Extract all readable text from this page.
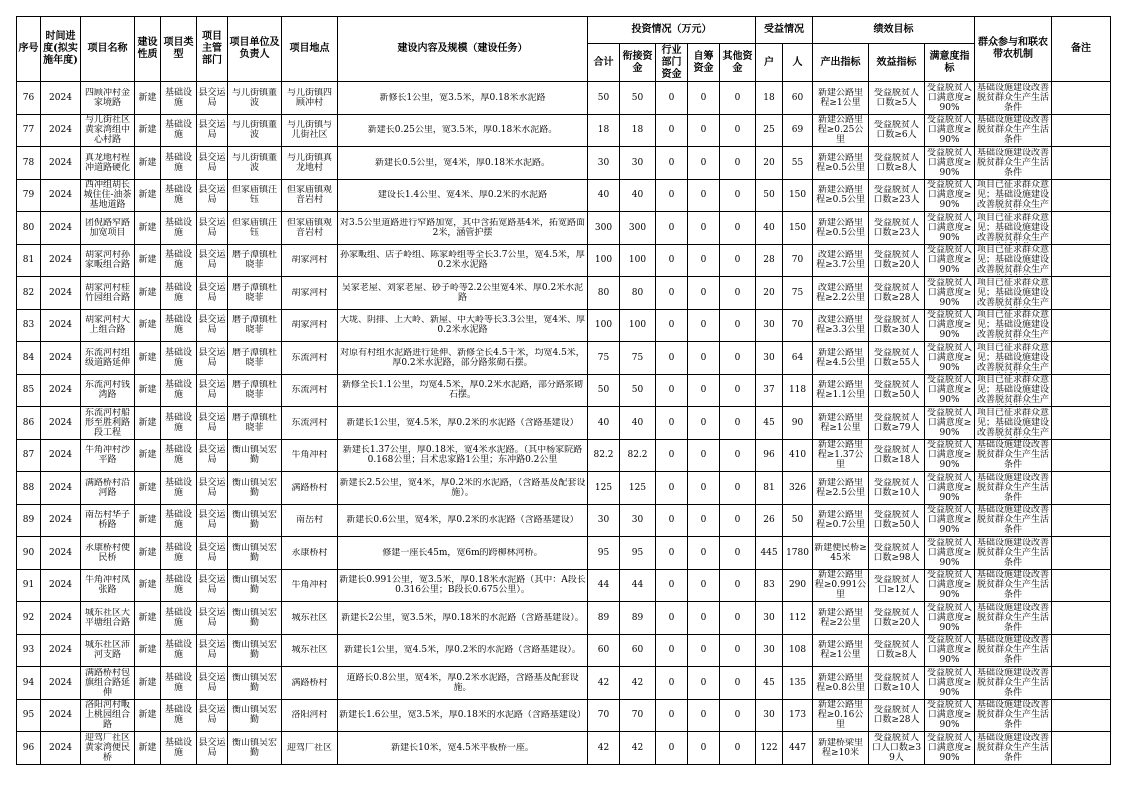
序号	时间进度(拟实施年度)	项目名称	建设性质	项目类型	项目主管部门	项目单位及负责人	项目地点	建设内容及规模（建设任务）	投资情况（万元）					受益情况		绩效目标			群众参与和联农带农机制	备注
									合计	衔接资金	行业部门资金	自筹资金	其他资金	户	人	产出指标	效益指标	满意度指标		
76	2024	四顾冲村金家境路	新建	基础设施	县交运局	与儿街镇董波	与儿街镇四顾冲村	新修长1公里，宽3.5米，厚0.18米水泥路	50	50	0	0	0	18	60	新建公路里程≥1公里	受益脱贫人口数≥5人	受益脱贫人口满意度≥90%	基础设施建设改善脱贫群众生产生活条件	

77	2024	与儿街社区黄家湾组中心村路	新建	基础设施	县交运局	与儿街镇董波	与儿街镇与儿街社区	新建长0.25公里，宽3.5米，厚0.18米水泥路。	18	18	0	0	0	25	69	新建公路里程≥0.25公里	受益脱贫人口数≥6人	受益脱贫人口满意度≥90%	基础设施建设改善脱贫群众生产生活条件	

78	2024	真龙地村程冲道路硬化	新建	基础设施	县交运局	与儿街镇董波	与儿街镇真龙地村	新建长0.5公里，宽4米，厚0.18米水泥路。	30	30	0	0	0	20	55	新建公路里程≥0.5公里	受益脱贫人口数≥8人	受益脱贫人口满意度≥90%	基础设施建设改善脱贫群众生产生活条件	

79	2024	西冲组胡长城住住-油茶基地道路	新建	基础设施	县交运局	但家庙镇汪钰	但家庙镇观音岩村	建设长1.4公里、宽4米、厚0.2米的水泥路	40	40	0	0	0	50	150	新建公路里程≥0.5公里	受益脱贫人口数≥23人	受益脱贫人口满意度≥90%	项目已征求群众意见；基础设施建设改善脱贫群众生产	

80	2024	团倪路窄路加宽项目	新建	基础设施	县交运局	但家庙镇汪钰	但家庙镇观音岩村	对3.5公里道路进行窄路加宽，其中含拓宽路基4米，拓宽路面2米，涵管护摆	300	300	0	0	0	40	150	新建公路里程≥0.5公里	受益脱贫人口数≥23人	受益脱贫人口满意度≥90%	项目已征求群众意见；基础设施建设改善脱贫群众生产	

81	2024	胡家河村孙家畈组合路	新建	基础设施	县交运局	磨子潭镇杜晓菲	胡家河村	孙家畈组、店子岭组、陈家岭组等全长3.7公里，宽4.5米，厚0.2米水泥路	100	100	0	0	0	28	70	改建公路里程≥3.7公里	受益脱贫人口数≥20人	受益脱贫人口满意度≥90%	项目已征求群众意见；基础设施建设改善脱贫群众生产	

82	2024	胡家河村桂竹园组合路	新建	基础设施	县交运局	磨子潭镇杜晓菲	胡家河村	吴家老屋、刘家老屋、砂子岭等2.2公里宽4米、厚0.2米水泥路	80	80	0	0	0	20	75	改建公路里程≥2.2公里	受益脱贫人口数≥28人	受益脱贫人口满意度≥90%	项目已征求群众意见；基础设施建设改善脱贫群众生产	

83	2024	胡家河村大上组合路	新建	基础设施	县交运局	磨子潭镇杜晓菲	胡家河村	大垅、阴排、上大岭、新屋、中大岭等长3.3公里，宽4米、厚0.2米水泥路	100	100	0	0	0	30	70	改建公路里程≥3.3公里	受益脱贫人口数≥30人	受益脱贫人口满意度≥90%	项目已征求群众意见；基础设施建设改善脱贫群众生产	

84	2024	东流河村组级道路延伸	新建	基础设施	县交运局	磨子潭镇杜晓菲	东流河村	对原有村组水泥路进行延伸、新修全长4.5千米，均宽4.5米，厚0.2米水泥路，部分路浆砌石摆。	75	75	0	0	0	30	64	新建公路里程≥4.5公里	受益脱贫人口数≥55人	受益脱贫人口满意度≥90%	项目已征求群众意见；基础设施建设改善脱贫群众生产	

85	2024	东流河村钱湾路	新建	基础设施	县交运局	磨子潭镇杜晓菲	东流河村	新修全长1.1公里，均宽4.5米，厚0.2米水泥路，部分路浆砌石摆。	50	50	0	0	0	37	118	新建公路里程≥1.1公里	受益脱贫人口数≥50人	受益脱贫人口满意度≥90%	项目已征求群众意见；基础设施建设改善脱贫群众生产	

86	2024	东流河村船形至胜利路段工程	新建	基础设施	县交运局	磨子潭镇杜晓菲	东流河村	新建长1公里，宽4.5米，厚0.2米的水泥路（含路基建设）	40	40	0	0	0	45	90	新建公路里程≥1公里	受益脱贫人口数≥79人	受益脱贫人口满意度≥90%	项目已征求群众意见；基础设施建设改善脱贫群众生产	

87	2024	牛角冲村沙平路	新建	基础设施	县交运局	衡山镇吴宏勤	牛角冲村	新建长1.37公里，厚0.18米，宽4米水泥路。（其中杨家院路0.168公里；吕术忠家路1公里；东冲路0.2公里	82.2	82.2	0	0	0	96	410	新建公路里程≥1.37公里	受益脱贫人口数≥18人	受益脱贫人口满意度≥90%	基础设施建设改善脱贫群众生产生活条件	

88	2024	满路桥村沿河路	新建	基础设施	县交运局	衡山镇吴宏勤	满路桥村	新建长2.5公里，宽4米，厚0.2米的水泥路，（含路基及配套设施）。	125	125	0	0	0	81	326	新建公路里程≥2.5公里	受益脱贫人口数≥10人	受益脱贫人口满意度≥90%	基础设施建设改善脱贫群众生产生活条件	

89	2024	南岳村华子桥路	新建	基础设施	县交运局	衡山镇吴宏勤	南岳村	新建长0.6公里，宽4米，厚0.2米的水泥路（含路基建设）	30	30	0	0	0	26	50	新建公路里程≥0.7公里	受益脱贫人口数≥50人	受益脱贫人口满意度≥90%	基础设施建设改善脱贫群众生产生活条件	

90	2024	永康桥村便民桥	新建	基础设施	县交运局	衡山镇吴宏勤	永康桥村	修建一座长45m，宽6m的跨柳林河桥。	95	95	0	0	0	445	1780	新建便民桥≥45米	受益脱贫人口数≥98人	受益脱贫人口满意度≥90%	基础设施建设改善脱贫群众生产生活条件	

91	2024	牛角冲村凤张路	新建	基础设施	县交运局	衡山镇吴宏勤	牛角冲村	新建长0.991公里，宽3.5米，厚0.18米水泥路（其中：A段长0.316公里；B段长0.675公里）。	44	44	0	0	0	83	290	新建公路里程≥0.991公里	受益脱贫人口≥12人	受益脱贫人口满意度≥90%	基础设施建设改善脱贫群众生产生活条件	

92	2024	城东社区大平塘组合路	新建	基础设施	县交运局	衡山镇吴宏勤	城东社区	新建长2公里，宽3.5米，厚0.18米的水泥路（含路基建设）。	89	89	0	0	0	30	112	新建公路里程≥2公里	受益脱贫人口数≥20人	受益脱贫人口满意度≥90%	基础设施建设改善脱贫群众生产生活条件	

93	2024	城东社区沛河支路	新建	基础设施	县交运局	衡山镇吴宏勤	城东社区	新建长1公里，宽4.5米，厚0.2米的水泥路（含路基建设）。	60	60	0	0	0	30	108	新建公路里程≥1公里	受益脱贫人口数≥8人	受益脱贫人口满意度≥90%	基础设施建设改善脱贫群众生产生活条件	

94	2024	满路桥村包旗组合路延伸	新建	基础设施	县交运局	衡山镇吴宏勤	满路桥村	道路长0.8公里，宽4米，厚0.2米水泥路，含路基及配套设施。	42	42	0	0	0	45	135	新建公路里程≥0.8公里	受益脱贫人口数≥10人	受益脱贫人口满意度≥90%	基础设施建设改善脱贫群众生产生活条件	

95	2024	洛阳河村畈上桃园组合路	新建	基础设施	县交运局	衡山镇吴宏勤	洛阳河村	新建长1.6公里，宽3.5米，厚0.18米的水泥路（含路基建设）	70	70	0	0	0	30	173	新建公路里程≥0.16公里	受益脱贫人口数≥28人	受益脱贫人口满意度≥90%	基础设施建设改善脱贫群众生产生活条件	

96	2024	迎驾厂社区黄家湾便民桥	新建	基础设施	县交运局	衡山镇吴宏勤	迎驾厂社区	新建长10米，宽4.5米平板桥一座。	42	42	0	0	0	122	447	新建桥梁里程≥10米	受益脱贫人口人口数≥39人	受益脱贫人口满意度≥90%	基础设施建设改善脱贫群众生产生活条件	
